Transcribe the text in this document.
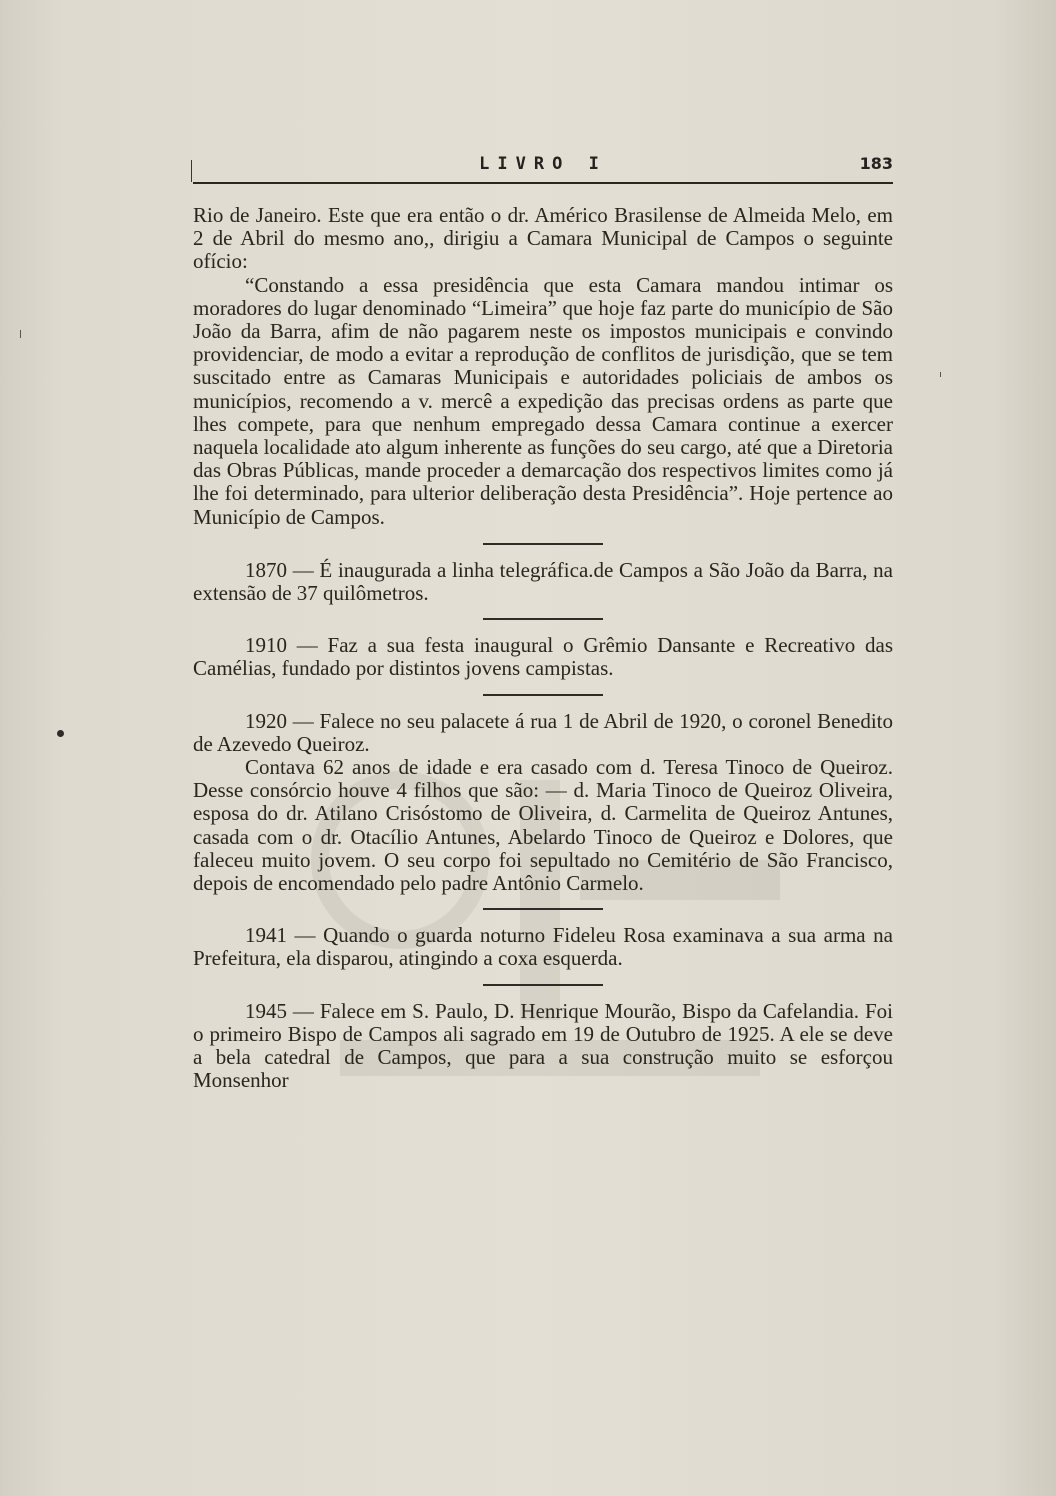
LIVRO I	183

Rio de Janeiro. Este que era então o dr. Américo Brasilense de Almeida Melo, em 2 de Abril do mesmo ano,, dirigiu a Camara Municipal de Campos o seguinte ofício:

“Constando a essa presidência que esta Camara mandou intimar os moradores do lugar denominado “Limeira” que hoje faz parte do município de São João da Barra, afim de não pagarem neste os impostos municipais e convindo providenciar, de modo a evitar a reprodução de conflitos de jurisdição, que se tem suscitado entre as Camaras Municipais e autoridades policiais de ambos os municípios, recomendo a v. mercê a expedição das precisas ordens as parte que lhes compete, para que nenhum empregado dessa Camara continue a exercer naquela localidade ato algum inherente as funções do seu cargo, até que a Diretoria das Obras Públicas, mande proceder a demarcação dos respectivos limites como já lhe foi determinado, para ulterior deliberação desta Presidência”. Hoje pertence ao Município de Campos.

1870 — É inaugurada a linha telegráfica.de Campos a São João da Barra, na extensão de 37 quilômetros.

1910 — Faz a sua festa inaugural o Grêmio Dansante e Recreativo das Camélias, fundado por distintos jovens campistas.

1920 — Falece no seu palacete á rua 1 de Abril de 1920, o coronel Benedito de Azevedo Queiroz.

Contava 62 anos de idade e era casado com d. Teresa Tinoco de Queiroz. Desse consórcio houve 4 filhos que são: — d. Maria Tinoco de Queiroz Oliveira, esposa do dr. Atilano Crisóstomo de Oliveira, d. Carmelita de Queiroz Antunes, casada com o dr. Otacílio Antunes, Abelardo Tinoco de Queiroz e Dolores, que faleceu muito jovem. O seu corpo foi sepultado no Cemitério de São Francisco, depois de encomendado pelo padre Antônio Carmelo.

1941 — Quando o guarda noturno Fideleu Rosa examinava a sua arma na Prefeitura, ela disparou, atingindo a coxa esquerda.

1945 — Falece em S. Paulo, D. Henrique Mourão, Bispo da Cafelandia. Foi o primeiro Bispo de Campos ali sagrado em 19 de Outubro de 1925. A ele se deve a bela catedral de Campos, que para a sua construção muito se esforçou Monsenhor
